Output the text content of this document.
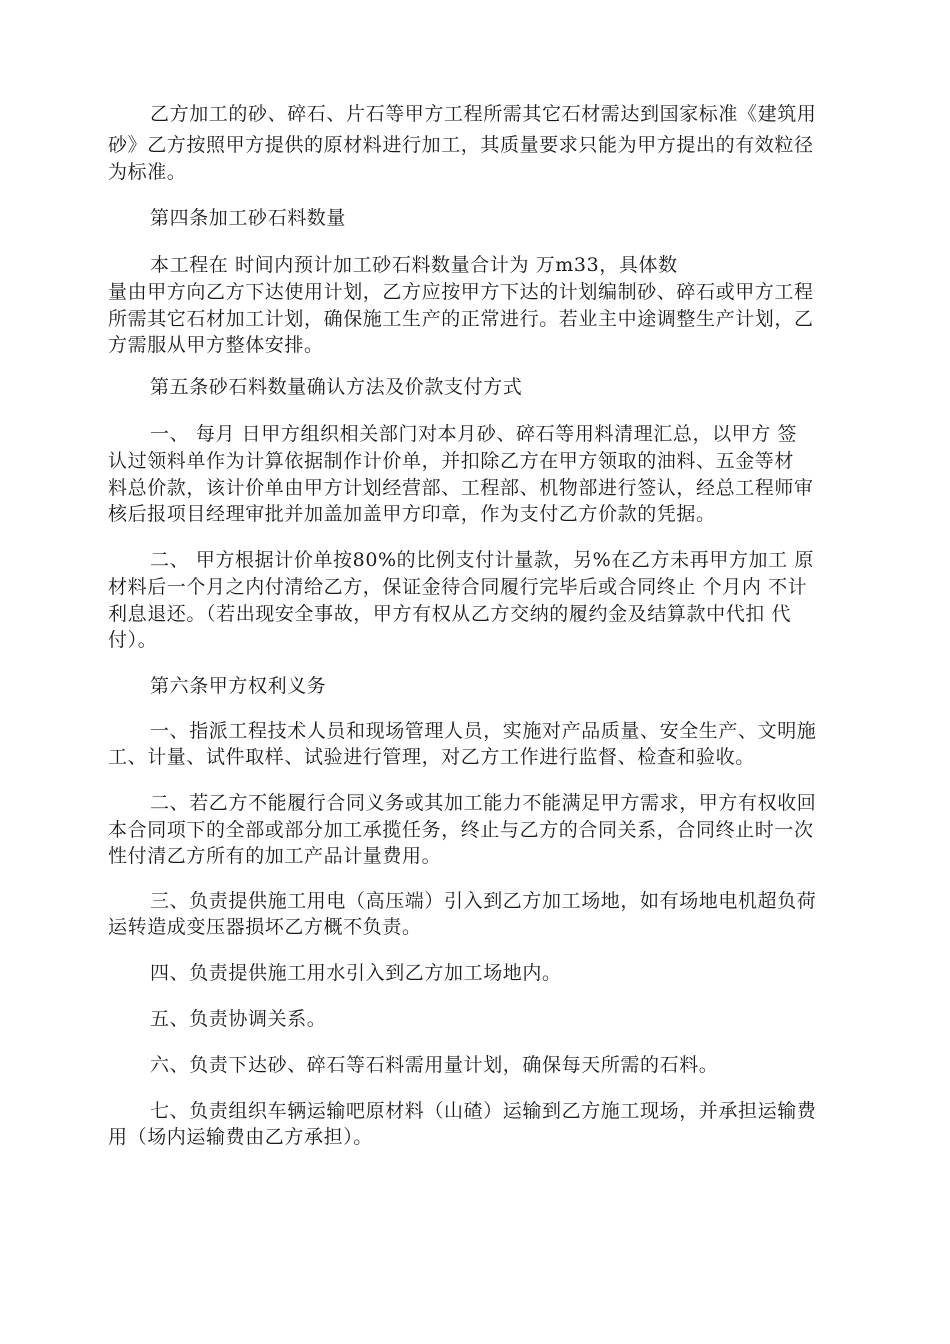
乙方加工的砂、碎石、片石等甲方工程所需其它石材需达到国家标准《建筑用

砂》乙方按照甲方提供的原材料进行加工，其质量要求只能为甲方提出的有效粒径

为标准。

第四条加工砂石料数量

本工程在 时间内预计加工砂石料数量合计为 万m33，具体数

量由甲方向乙方下达使用计划，乙方应按甲方下达的计划编制砂、碎石或甲方工程

所需其它石材加工计划，确保施工生产的正常进行。若业主中途调整生产计划，乙

方需服从甲方整体安排。

第五条砂石料数量确认方法及价款支付方式

一、 每月 日甲方组织相关部门对本月砂、碎石等用料清理汇总，以甲方 签

认过领料单作为计算依据制作计价单，并扣除乙方在甲方领取的油料、五金等材

料总价款，该计价单由甲方计划经营部、工程部、机物部进行签认，经总工程师审

核后报项目经理审批并加盖加盖甲方印章，作为支付乙方价款的凭据。

二、 甲方根据计价单按80%的比例支付计量款，另%在乙方未再甲方加工 原

材料后一个月之内付清给乙方，保证金待合同履行完毕后或合同终止 个月内 不计

利息退还。（若出现安全事故，甲方有权从乙方交纳的履约金及结算款中代扣 代

付）。

第六条甲方权利义务

一、指派工程技术人员和现场管理人员，实施对产品质量、安全生产、文明施

工、计量、试件取样、试验进行管理，对乙方工作进行监督、检查和验收。

二、若乙方不能履行合同义务或其加工能力不能满足甲方需求，甲方有权收回

本合同项下的全部或部分加工承揽任务，终止与乙方的合同关系，合同终止时一次

性付清乙方所有的加工产品计量费用。

三、负责提供施工用电（高压端）引入到乙方加工场地，如有场地电机超负荷

运转造成变压器损坏乙方概不负责。

四、负责提供施工用水引入到乙方加工场地内。

五、负责协调关系。

六、负责下达砂、碎石等石料需用量计划，确保每天所需的石料。

七、负责组织车辆运输吧原材料（山碴）运输到乙方施工现场，并承担运输费

用（场内运输费由乙方承担）。
